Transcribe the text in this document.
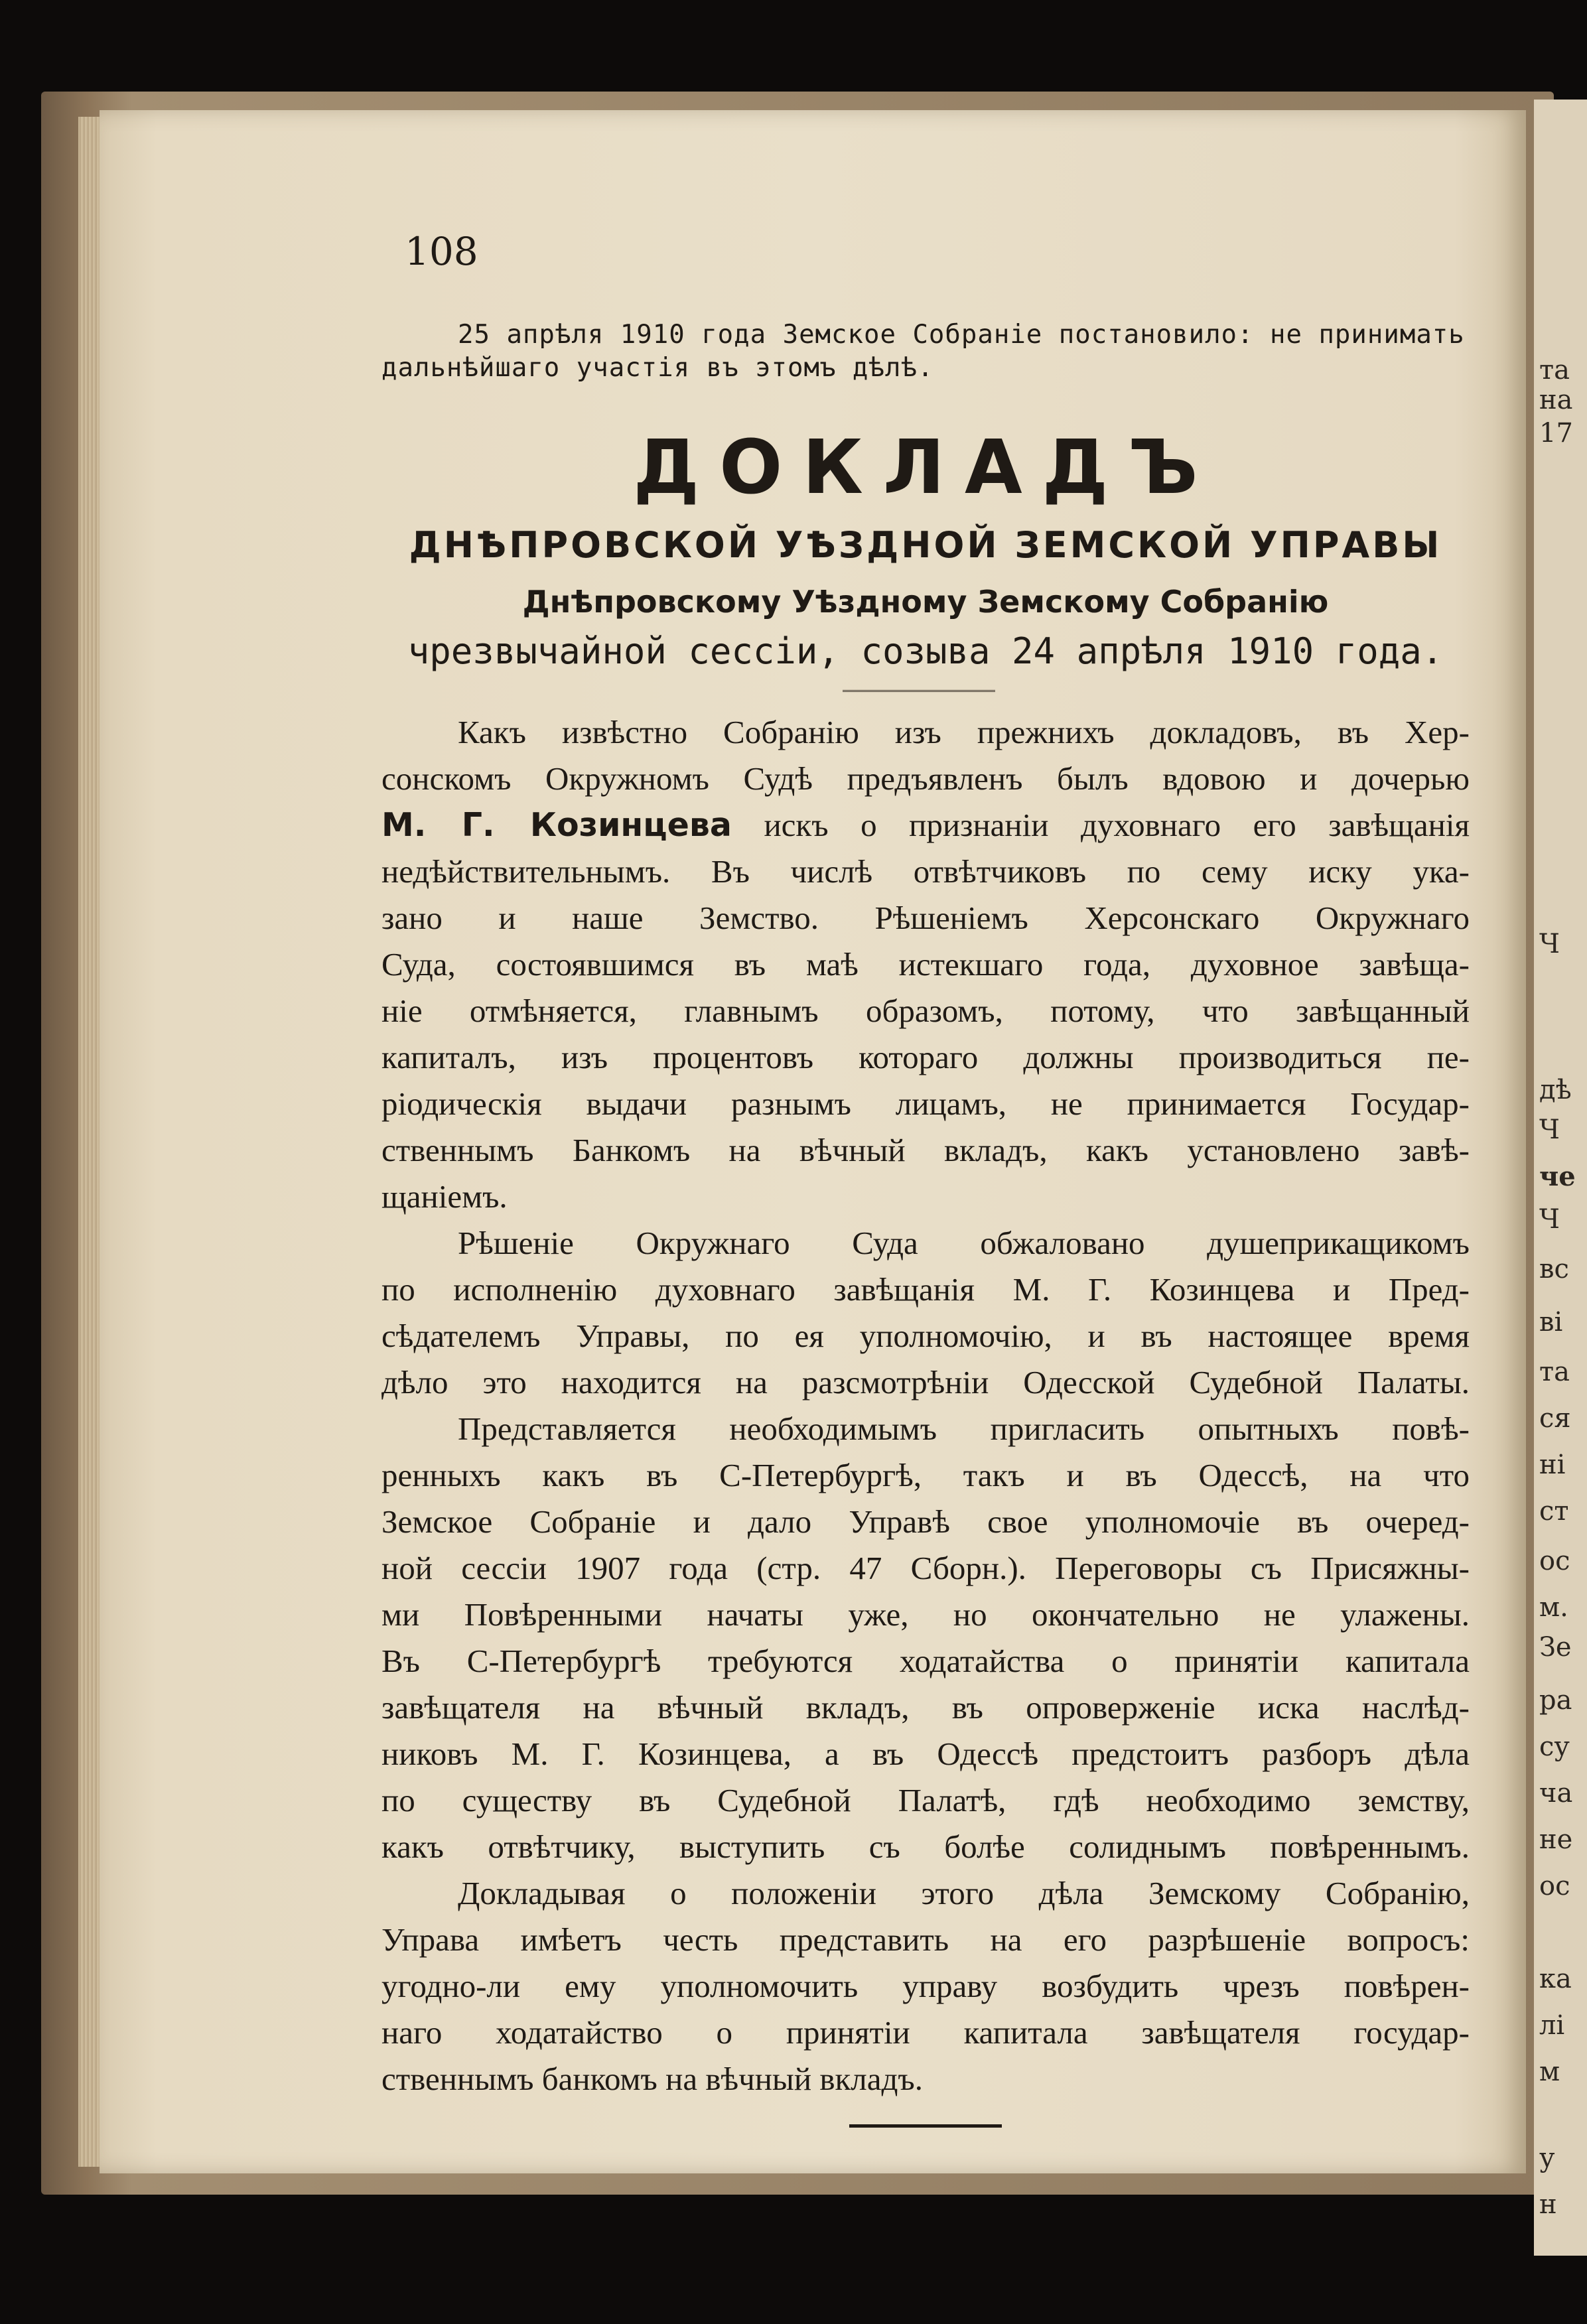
та
на
17
Ч
дѣ
Ч
че
Ч
вс
ві
та
ся
ні
ст
ос
м.
Зе
ра
су
ча
не
ос
ка
лі
м
у
н
108
25 апрѣля 1910 года Земское Собраніе постановило: не принимать
дальнѣйшаго участія въ этомъ дѣлѣ.
ДОКЛАДЪ
ДНѢПРОВСКОЙ УѢЗДНОЙ ЗЕМСКОЙ УПРАВЫ
Днѣпровскому Уѣздному Земскому Собранію
чрезвычайной сессіи, созыва 24 апрѣля 1910 года.
Какъ извѣстно Собранію изъ прежнихъ докладовъ, въ Хер-
сонскомъ Окружномъ Судѣ предъявленъ былъ вдовою и дочерью
М. Г. Козинцева искъ о признаніи духовнаго его завѣщанія
недѣйствительнымъ. Въ числѣ отвѣтчиковъ по сему иску ука-
зано и наше Земство. Рѣшеніемъ Херсонскаго Окружнаго
Суда, состоявшимся въ маѣ истекшаго года, духовное завѣща-
ніе отмѣняется, главнымъ образомъ, потому, что завѣщанный
капиталъ, изъ процентовъ котораго должны производиться пе-
ріодическія выдачи разнымъ лицамъ, не принимается Государ-
ственнымъ Банкомъ на вѣчный вкладъ, какъ установлено завѣ-
щаніемъ.
Рѣшеніе Окружнаго Суда обжаловано душеприкащикомъ
по исполненію духовнаго завѣщанія М. Г. Козинцева и Пред-
сѣдателемъ Управы, по ея уполномочію, и въ настоящее время
дѣло это находится на разсмотрѣніи Одесской Судебной Палаты.
Представляется необходимымъ пригласить опытныхъ повѣ-
ренныхъ какъ въ С-Петербургѣ, такъ и въ Одессѣ, на что
Земское Собраніе и дало Управѣ свое уполномочіе въ очеред-
ной сессіи 1907 года (стр. 47 Сборн.). Переговоры съ Присяжны-
ми Повѣренными начаты уже, но окончательно не улажены.
Въ С-Петербургѣ требуются ходатайства о принятіи капитала
завѣщателя на вѣчный вкладъ, въ опроверженіе иска наслѣд-
никовъ М. Г. Козинцева, а въ Одессѣ предстоитъ разборъ дѣла
по существу въ Судебной Палатѣ, гдѣ необходимо земству,
какъ отвѣтчику, выступить съ болѣе солиднымъ повѣреннымъ.
Докладывая о положеніи этого дѣла Земскому Собранію,
Управа имѣетъ честь представить на его разрѣшеніе вопросъ:
угодно-ли ему уполномочить управу возбудить чрезъ повѣрен-
наго ходатайство о принятіи капитала завѣщателя государ-
ственнымъ банкомъ на вѣчный вкладъ.
